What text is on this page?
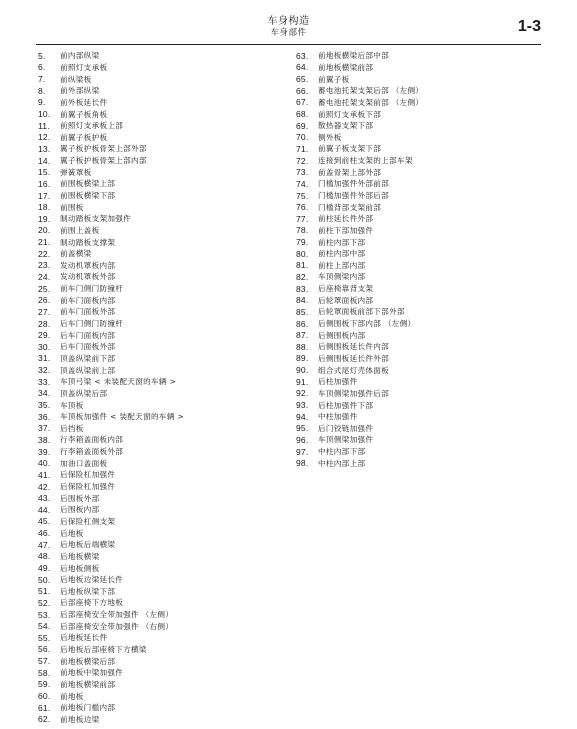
车身构造
车身部件	1-3
5.	前内部纵梁
6.	前照灯支承板
7.	前纵梁板
8.	前外部纵梁
9.	前外板延长件
10.	前翼子板角板
11.	前照灯支承板上部
12.	前翼子板护板
13.	翼子板护板骨架上部外部
14.	翼子板护板骨架上部内部
15.	弹簧罩板
16.	前围板横梁上部
17.	前围板横梁下部
18.	前围板
19.	制动踏板支架加强件
20.	前围上盖板
21.	制动踏板支撑架
22.	前盖横梁
23.	发动机罩板内部
24.	发动机罩板外部
25.	前车门侧门防撞杆
26.	前车门面板内部
27.	前车门面板外部
28.	后车门侧门防撞杆
29.	后车门面板内部
30.	后车门面板外部
31.	顶盖纵梁前下部
32.	顶盖纵梁前上部
33.	车顶弓梁 < 未装配天窗的车辆 >
34.	顶盖纵梁后部
35.	车顶板
36.	车顶板加强件 < 装配天窗的车辆 >
37.	后挡板
38.	行李箱盖面板内部
39.	行李箱盖面板外部
40.	加油口盖面板
41.	后保险杠加强件
42.	后保险杠加强件
43.	后围板外部
44.	后围板内部
45.	后保险杠侧支架
46.	后地板
47.	后地板后端横梁
48.	后地板横梁
49.	后地板侧板
50.	后地板边梁延长件
51.	后地板纵梁下部
52.	后部座椅下方地板
53.	后部座椅安全带加强件 （左侧）
54.	后部座椅安全带加强件 （右侧）
55.	后地板延长件
56.	后地板后部座椅下方横梁
57.	前地板横梁后部
58.	前地板中梁加强件
59.	前地板横梁前部
60.	前地板
61.	前地板门槛内部
62.	前地板边梁
63.	前地板横梁后部中部
64.	前地板横梁前部
65.	前翼子板
66.	蓄电池托架支架后部 （左侧）
67.	蓄电池托架支架前部 （左侧）
68.	前照灯支承板下部
69.	散热器支架下部
70.	侧外板
71.	前翼子板支架下部
72.	连接到前柱支架的上部车架
73.	前盖骨架上部外部
74.	门槛加强件外部前部
75.	门槛加强件外部后部
76.	门槛背部支架前部
77.	前柱延长件外部
78.	前柱下部加强件
79.	前柱内部下部
80.	前柱内部中部
81.	前柱上部内部
82.	车顶侧梁内部
83.	后座椅靠背支架
84.	后轮罩面板内部
85.	后轮罩面板前部下部外部
86.	后侧围板下部内部 （左侧）
87.	后侧围板内部
88.	后侧围板延长件内部
89.	后侧围板延长件外部
90.	组合式尾灯壳体面板
91.	后柱加强件
92.	车顶侧梁加强件后部
93.	后柱加强件下部
94.	中柱加强件
95.	后门铰链加强件
96.	车顶侧梁加强件
97.	中柱内部下部
98.	中柱内部上部
